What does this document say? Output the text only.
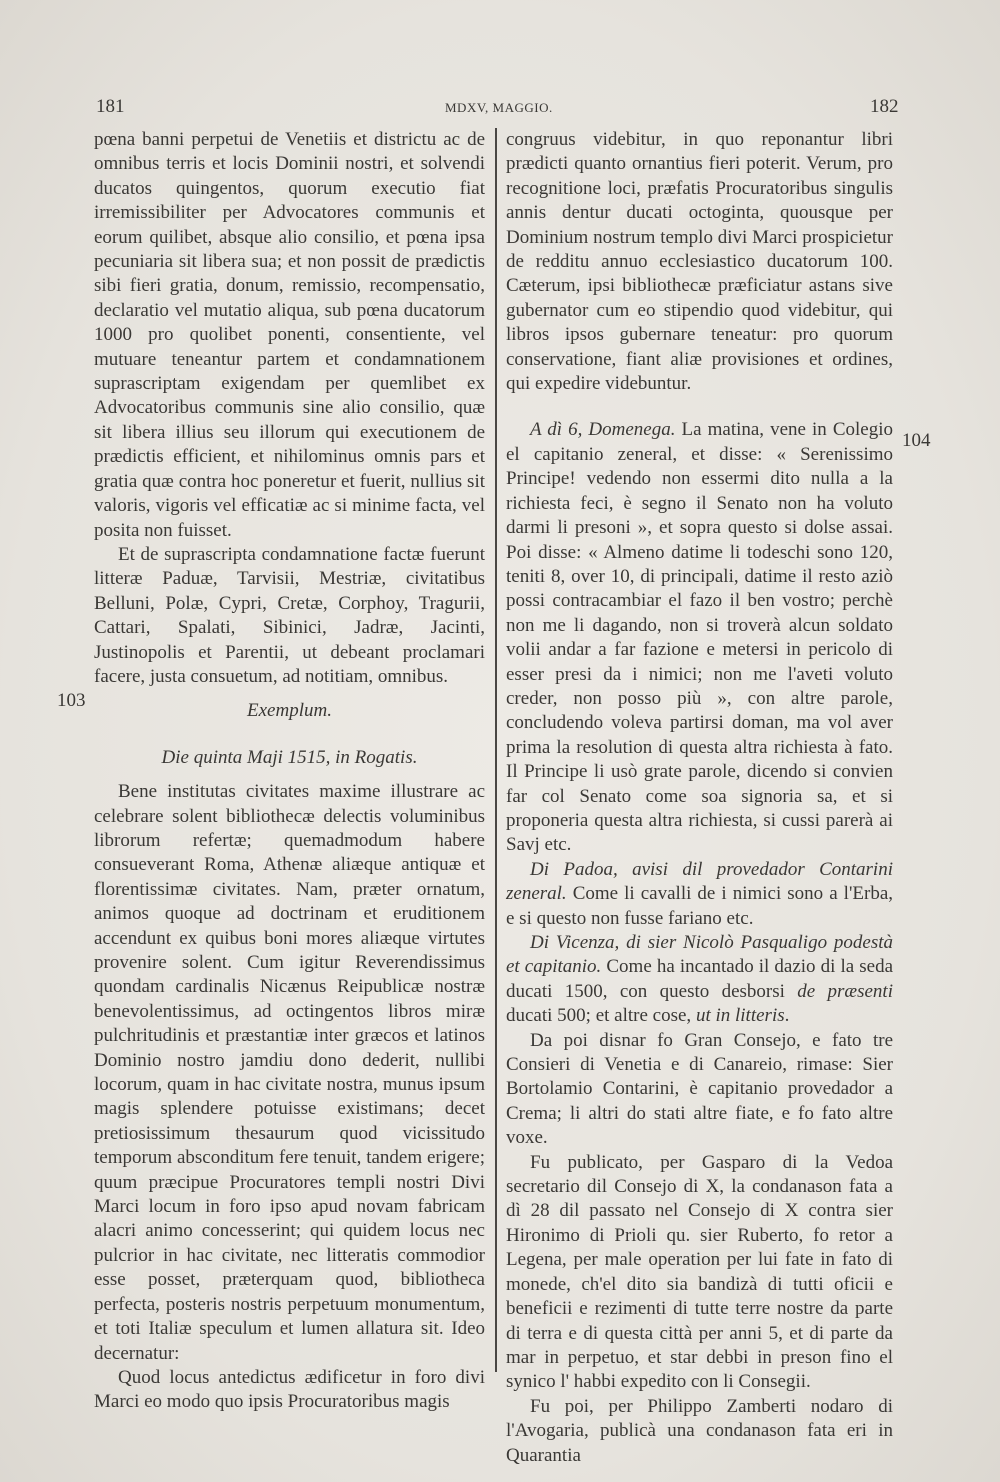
181	MDXV, MAGGIO.	182
103
104

pœna banni perpetui de Venetiis et districtu ac de omnibus terris et locis Dominii nostri, et solvendi ducatos quingentos, quorum executio fiat irremissibiliter per Advocatores communis et eorum quilibet, absque alio consilio, et pœna ipsa pecuniaria sit libera sua; et non possit de prædictis sibi fieri gratia, donum, remissio, recompensatio, declaratio vel mutatio aliqua, sub pœna ducatorum 1000 pro quolibet ponenti, consentiente, vel mutuare teneantur partem et condamnationem suprascriptam exigendam per quemlibet ex Advocatoribus communis sine alio consilio, quæ sit libera illius seu illorum qui executionem de prædictis efficient, et nihilominus omnis pars et gratia quæ contra hoc poneretur et fuerit, nullius sit valoris, vigoris vel efficatiæ ac si minime facta, vel posita non fuisset.

Et de suprascripta condamnatione factæ fuerunt litteræ Paduæ, Tarvisii, Mestriæ, civitatibus Belluni, Polæ, Cypri, Cretæ, Corphoy, Tragurii, Cattari, Spalati, Sibinici, Jadræ, Jacinti, Justinopolis et Parentii, ut debeant proclamari facere, justa consuetum, ad notitiam, omnibus.

Exemplum.

Die quinta Maji 1515, in Rogatis.

Bene institutas civitates maxime illustrare ac celebrare solent bibliothecæ delectis voluminibus librorum refertæ; quemadmodum habere consueverant Roma, Athenæ aliæque antiquæ et florentissimæ civitates. Nam, præter ornatum, animos quoque ad doctrinam et eruditionem accendunt ex quibus boni mores aliæque virtutes provenire solent. Cum igitur Reverendissimus quondam cardinalis Nicænus Reipublicæ nostræ benevolentissimus, ad octingentos libros miræ pulchritudinis et præstantiæ inter græcos et latinos Dominio nostro jamdiu dono dederit, nullibi locorum, quam in hac civitate nostra, munus ipsum magis splendere potuisse existimans; decet pretiosissimum thesaurum quod vicissitudo temporum absconditum fere tenuit, tandem erigere; quum præcipue Procuratores templi nostri Divi Marci locum in foro ipso apud novam fabricam alacri animo concesserint; qui quidem locus nec pulcrior in hac civitate, nec litteratis commodior esse posset, præterquam quod, bibliotheca perfecta, posteris nostris perpetuum monumentum, et toti Italiæ speculum et lumen allatura sit. Ideo decernatur:

Quod locus antedictus ædificetur in foro divi Marci eo modo quo ipsis Procuratoribus magis

congruus videbitur, in quo reponantur libri prædicti quanto ornantius fieri poterit. Verum, pro recognitione loci, præfatis Procuratoribus singulis annis dentur ducati octoginta, quousque per Dominium nostrum templo divi Marci prospicietur de redditu annuo ecclesiastico ducatorum 100. Cæterum, ipsi bibliothecæ præficiatur astans sive gubernator cum eo stipendio quod videbitur, qui libros ipsos gubernare teneatur: pro quorum conservatione, fiant aliæ provisiones et ordines, qui expedire videbuntur.

A dì 6, Domenega. La matina, vene in Colegio el capitanio zeneral, et disse: « Serenissimo Principe! vedendo non essermi dito nulla a la richiesta feci, è segno il Senato non ha voluto darmi li presoni », et sopra questo si dolse assai. Poi disse: « Almeno datime li todeschi sono 120, teniti 8, over 10, di principali, datime il resto aziò possi contracambiar el fazo il ben vostro; perchè non me li dagando, non si troverà alcun soldato volii andar a far fazione e metersi in pericolo di esser presi da i nimici; non me l'aveti voluto creder, non posso più », con altre parole, concludendo voleva partirsi doman, ma vol aver prima la resolution di questa altra richiesta à fato. Il Principe li usò grate parole, dicendo si convien far col Senato come soa signoria sa, et si proponeria questa altra richiesta, si cussi parerà ai Savj etc.

Di Padoa, avisi dil provedador Contarini zeneral. Come li cavalli de i nimici sono a l'Erba, e si questo non fusse fariano etc.

Di Vicenza, di sier Nicolò Pasqualigo podestà et capitanio. Come ha incantado il dazio di la seda ducati 1500, con questo desborsi de præsenti ducati 500; et altre cose, ut in litteris.

Da poi disnar fo Gran Consejo, e fato tre Consieri di Venetia e di Canareio, rimase: Sier Bortolamio Contarini, è capitanio provedador a Crema; li altri do stati altre fiate, e fo fato altre voxe.

Fu publicato, per Gasparo di la Vedoa secretario dil Consejo di X, la condanason fata a dì 28 dil passato nel Consejo di X contra sier Hironimo di Prioli qu. sier Ruberto, fo retor a Legena, per male operation per lui fate in fato di monede, ch'el dito sia bandizà di tutti oficii e beneficii e rezimenti di tutte terre nostre da parte di terra e di questa città per anni 5, et di parte da mar in perpetuo, et star debbi in preson fino el synico l' habbi expedito con li Consegii.

Fu poi, per Philippo Zamberti nodaro di l'Avogaria, publicà una condanason fata eri in Quarantia
